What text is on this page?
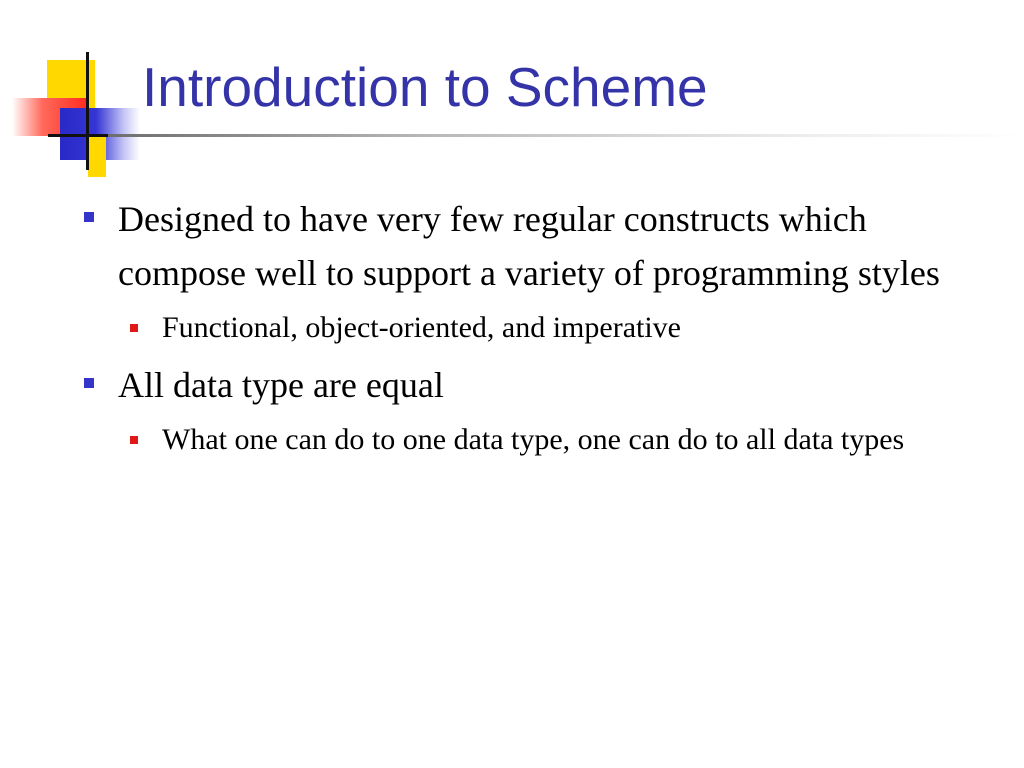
Introduction to Scheme
Designed to have very few regular constructs which compose well to support a variety of programming styles
Functional, object-oriented, and imperative
All data type are equal
What one can do to one data type, one can do to all data types
